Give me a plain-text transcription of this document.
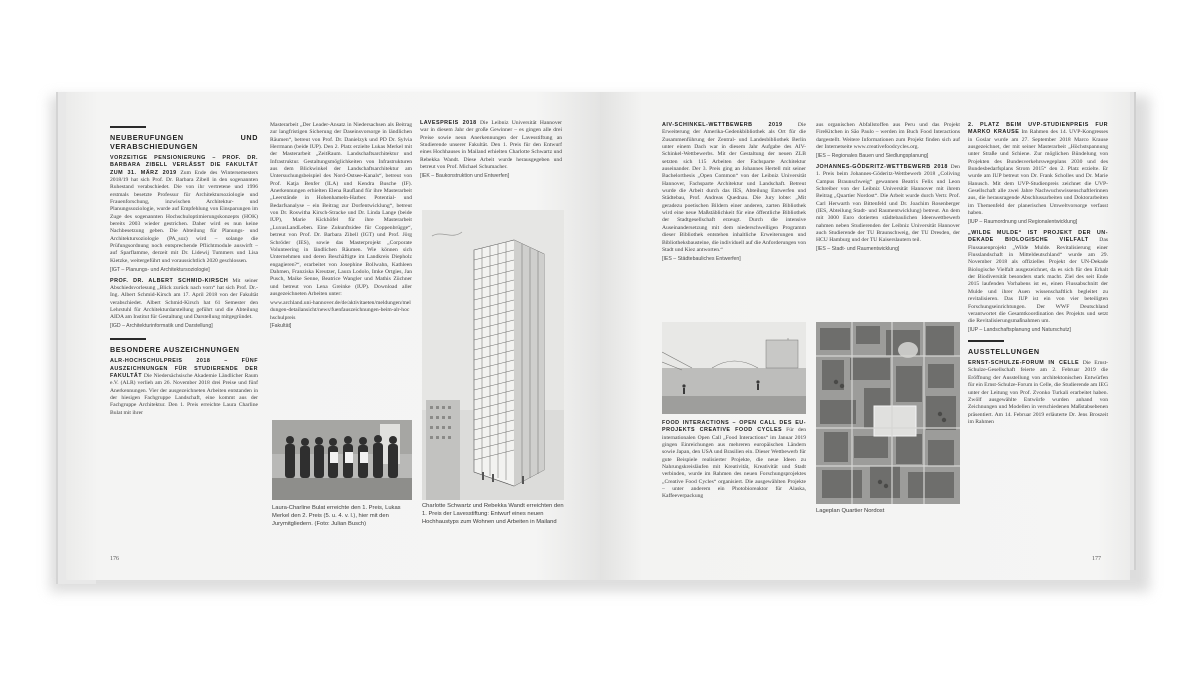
NEUBERUFUNGEN UND VERABSCHIEDUNGEN

VORZEITIGE PENSIONIERUNG – PROF. DR. BARBARA ZIBELL VERLÄSST DIE FAKULTÄT ZUM 31. MÄRZ 2019 Zum Ende des Wintersemesters 2018/19 hat sich Prof. Dr. Barbara Zibell in den sogenannten Ruhestand verabschiedet. Die von ihr vertretene und 1996 erstmals besetzte Professur für Architektursoziologie und Frauenforschung, inzwischen Architektur- und Planungssoziologie, wurde auf Empfehlung von Einsparungen im Zuge des sogenannten Hochschuloptimierungskonzepts (HOK) bereits 2003 wieder gestrichen. Daher wird es nun keine Nachbesetzung geben. Die Abteilung für Planungs- und Architektursoziologie (PA_soz) wird – solange die Prüfungsordnung noch entsprechende Pflichtmodule auswirft – auf Sparflamme, derzeit mit Dr. Lidewij Tummers und Lisa Kietzke, weitergeführt und voraussichtlich 2020 geschlossen.

[IGT – Planungs- und Architektursoziologie]

PROF. DR. ALBERT SCHMID-KIRSCH Mit seiner Abschiedsvorlesung „Blick zurück nach vorn“ hat sich Prof. Dr.-Ing. Albert Schmid-Kirsch am 17. April 2018 von der Fakultät verabschiedet. Albert Schmid-Kirsch hat 61 Semester den Lehrstuhl für Architekturdarstellung geführt und die Abteilung AIDA am Institut für Gestaltung und Darstellung mitgegründet.

[IGD – Architekturinformatik und Darstellung]
BESONDERE AUSZEICHNUNGEN

ALR-HOCHSCHULPREIS 2018 – FÜNF AUSZEICHNUNGEN FÜR STUDIERENDE DER FAKULTÄT Die Niedersächsische Akademie Ländlicher Raum e.V. (ALR) verlieh am 26. November 2018 drei Preise und fünf Anerkennungen. Vier der ausgezeichneten Arbeiten entstanden in der hiesigen Fachgruppe Landschaft, eine kommt aus der Fachgruppe Architektur. Den 1. Preis erreichte Laura Charline Bulat mit ihrer

Masterarbeit „Der Leader-Ansatz in Niedersachsen als Beitrag zur langfristigen Sicherung der Daseinsvorsorge in ländlichen Räumen“, betreut von Prof. Dr. Danielzyk und PD Dr. Sylvia Herrmann (beide IUP). Den 2. Platz erzielte Lukas Merkel mit der Masterarbeit „ZeitRaum. Landschaftsarchitektur und Infrastruktur. Gestaltungsmöglichkeiten von Infrastrukturen aus dem Blickwinkel der Landschaftsarchitektur am Untersuchungsbeispiel des Nord-Ostsee-Kanals“, betreut von Prof. Katja Benfer (ILA) und Kendra Busche (IF). Anerkennungen erhielten Elena Raufland für ihre Masterarbeit „Leerstände in Hohenhameln-Harber. Potential- und Bedarfsanalyse – ein Beitrag zur Dorfentwicklung“, betreut von Dr. Roswitha Kirsch-Stracke und Dr. Linda Lange (beide IUP), Marie Kickhöfel für ihre Masterarbeit „LuxusLandLeben. Eine Zukunftsidee für Coppenbrügge“, betreut von Prof. Dr. Barbara Zibell (IGT) und Prof. Jörg Schröder (IES), sowie das Masterprojekt „Corporate Volunteering in ländlichen Räumen. Wie können sich Unternehmen und deren Beschäftigte im Landkreis Diepholz engagieren?“, erarbeitet von Josephine Bollwahn, Kathleen Dahmen, Franziska Kreutzer, Laura Lodolo, Imke Ortgies, Jan Pusch, Maike Senne, Beatrice Wangler und Mathis Züchner und betreut von Lena Greinke (IUP). Download aller ausgezeichneten Arbeiten unter:

www.archland.uni-hannover.de/de/aktivitaeten/meldungen/meldungen-detailansicht/news/fuenfauszeichnungen-beim-alr-hochschulpreis

[Fakultät]
Laura-Charline Bulat erreichte den 1. Preis, Lukas Merkel den 2. Preis (5. u. 4. v. l.), hier mit den Jurymitgliedern. (Foto: Julian Busch)

LAVESPREIS 2018 Die Leibniz Universität Hannover war in diesem Jahr der große Gewinner – es gingen alle drei Preise sowie neun Anerkennungen der Lavesstiftung an Studierende unserer Fakultät. Den 1. Preis für den Entwurf eines Hochhauses in Mailand erhielten Charlotte Schwartz und Rebekka Wandt. Diese Arbeit wurde herausgegeben und betreut von Prof. Michael Schumacher.

[IEK – Baukonstruktion und Entwerfen]
Charlotte Schwartz und Rebekka Wandt erreichten den 1. Preis der Lavesstiftung: Entwurf eines neuen Hochhaustyps zum Wohnen und Arbeiten in Mailand
176

AIV-SCHINKEL-WETTBEWERB 2019	Die Erweiterung der Amerika-Gedenkbibliothek als Ort für die Zusammenführung der Zentral- und Landesbibliothek Berlin unter einem Dach war in diesem Jahr Aufgabe des AIV-Schinkel-Wettbewerbs. Mit der Gestaltung der neuen ZLB setzten sich 115 Arbeiten der Fachsparte Architektur auseinander. Der 3. Preis ging an Johannes Hertell mit seiner Bachelorthesis „Open Common“ von der Leibniz Universität Hannover, Fachsparte Architektur und Landschaft. Betreut wurde die Arbeit durch das IES, Abteilung Entwerfen und Städtebau, Prof. Andreas Quednau. Die Jury lobte: „Mit geradezu poetischen Bildern einer anderen, zarten Bibliothek wird eine neue Maßstäblichkeit für eine öffentliche Bibliothek der Stadtgesellschaft erzeugt. Durch die intensive Auseinandersetzung mit dem niederschwelligen Programm dieser Bibliothek entstehen inhaltliche Erweiterungen und Bibliotheksbausteine, die individuell auf die Anforderungen von Stadt und Kiez antworten.“

[IES – Städtebauliches Entwerfen]

FOOD INTERACTIONS – OPEN CALL DES EU-PROJEKTS CREATIVE FOOD CYCLES Für den internationalen Open Call „Food Interactions“ im Januar 2019 gingen Einreichungen aus mehreren europäischen Ländern sowie Japan, den USA und Brasilien ein. Dieser Wettbewerb für gute Beispiele realisierter Projekte, die neue Ideen zu Nahrungskreisläufen mit Kreativität, Kreativität und Stadt verbinden, wurde im Rahmen des neuen Forschungsprojektes „Creative Food Cycles“ organisiert. Die ausgewählten Projekte – unter anderem ein Photobioreaktor für Alaska, Kaffeeverpackung

aus organischen Abfallstoffen aus Peru und das Projekt FireKitchen in São Paulo – werden im Buch Food Interactions dargestellt. Weitere Informationen zum Projekt finden sich auf der Internetseite www.creativefoodcycles.org.

[IES – Regionales Bauen und Siedlungsplanung]

JOHANNES-GÖDERITZ-WETTBEWERB 2018 Den 1. Preis beim Johannes-Göderitz-Wettbewerb 2018 „Coliving Campus Braunschweig“ gewannen Beatrix Felix und Leon Schreiber von der Leibniz Universität Hannover mit ihrem Beitrag „Quartier Nordost“. Die Arbeit wurde durch Vertr. Prof. Carl Herwarth von Bittenfeld und Dr. Joachim Rosenberger (IES, Abteilung Stadt- und Raumentwicklung) betreut. An dem mit 3000 Euro dotierten städtebaulichen Ideenwettbewerb nahmen neben Studierenden der Leibniz Universität Hannover auch Studierende der TU Braunschweig, der TU Dresden, der HCU Hamburg und der TU Kaiserslautern teil.

[IES – Stadt- und Raumentwicklung]
Lageplan Quartier Nordost

2. PLATZ BEIM UVP-STUDIENPREIS FÜR MARKO KRAUSE Im Rahmen des 14. UVP-Kongresses in Goslar wurde am 27. September 2018 Marco Krause ausgezeichnet, der mit seiner Masterarbeit „Höchstspannung unter Straße und Schiene. Zur möglichen Bündelung von Projekten des Bundesverkehrswegeplans 2030 und des Bundesbedarfsplans Strom 2015“ den 2. Platz erzielte. Er wurde am IUP betreut von Dr. Frank Scholles und Dr. Marie Hanusch. Mit dem UVP-Studienpreis zeichnet die UVP-Gesellschaft alle zwei Jahre Nachwuchswissenschaftlerinnen aus, die herausragende Abschlussarbeiten und Doktorarbeiten im Themenfeld der planerischen Umweltvorsorge verfasst haben.

[IUP – Raumordnung und Regionalentwicklung]

„WILDE MULDE“ IST PROJEKT DER UN-DEKADE BIOLOGISCHE VIELFALT Das Flussauenprojekt „Wilde Mulde. Revitalisierung einer Flusslandschaft in Mitteldeutschland“ wurde am 29. November 2018 als offizielles Projekt der UN-Dekade Biologische Vielfalt ausgezeichnet, da es sich für den Erhalt der Biodiversität besonders stark macht. Ziel des seit Ende 2015 laufenden Vorhabens ist es, einen Flussabschnitt der Mulde und ihrer Auen wissenschaftlich begleitet zu revitalisieren. Das IUP ist ein von vier beteiligten Forschungseinrichtungen. Der WWF Deutschland verantwortet die Gesamtkoordination des Projekts und setzt die Revitalisierungsmaßnahmen um.

[IUP – Landschaftsplanung und Naturschutz]
AUSSTELLUNGEN

ERNST-SCHULZE-FORUM IN CELLE Die Ernst-Schulze-Gesellschaft feierte am 2. Februar 2019 die Eröffnung der Ausstellung von architektonischen Entwürfen für ein Ernst-Schulze-Forum in Celle, die Studierende am IEG unter der Leitung von Prof. Zvonko Turkali erarbeitet haben. Zwölf ausgewählte Entwürfe wurden anhand von Zeichnungen und Modellen in verschiedenen Maßstabsebenen präsentiert. Am 14. Februar 2019 erläuterte Dr. Jens Broszeit im Rahmen

177
